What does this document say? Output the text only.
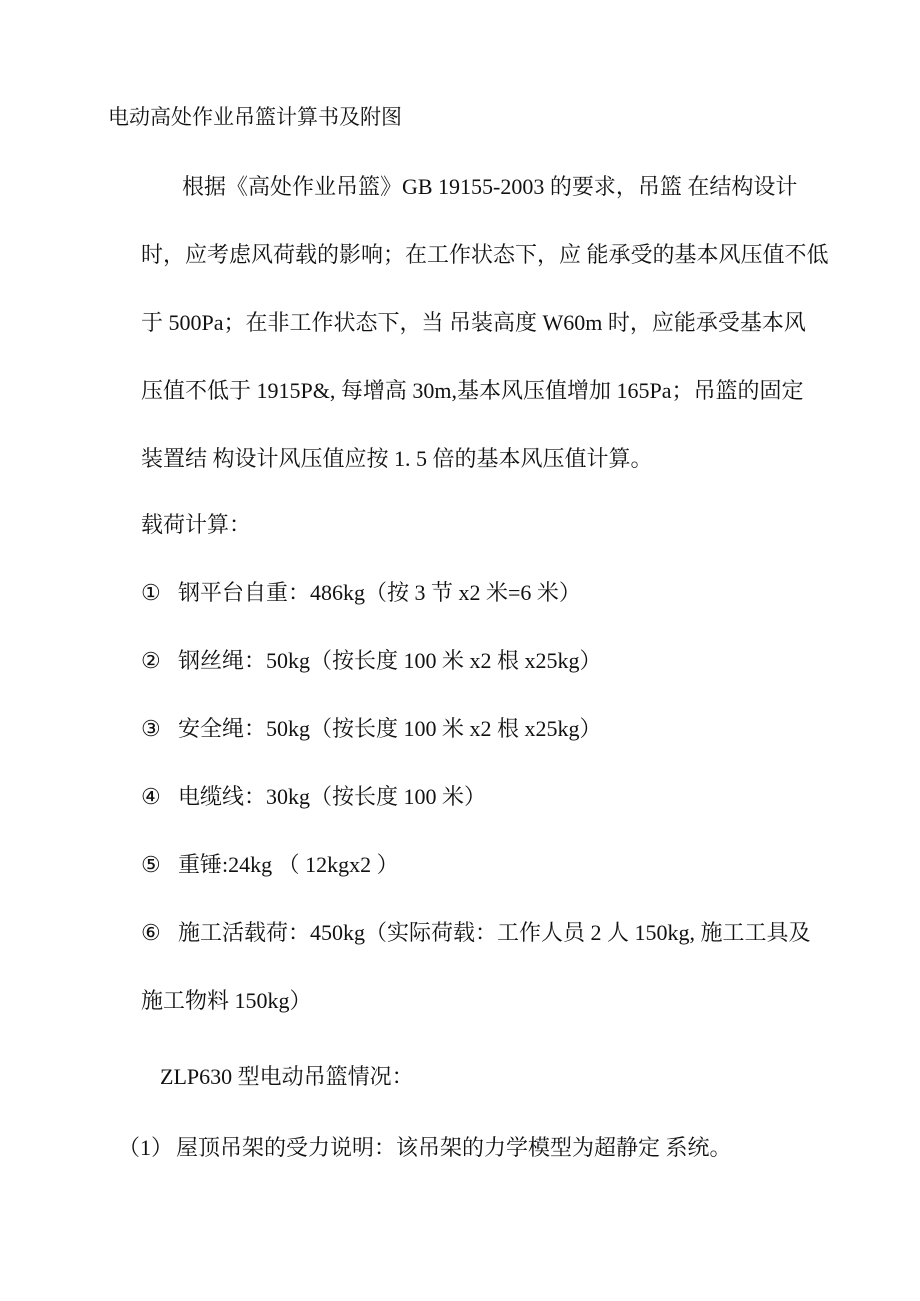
电动高处作业吊篮计算书及附图
根据《高处作业吊篮》GB 19155-2003 的要求，吊篮 在结构设计
时，应考虑风荷载的影响；在工作状态下，应 能承受的基本风压值不低
于 500Pa；在非工作状态下，当 吊装高度 W60m 时，应能承受基本风
压值不低于 1915P&, 每增高 30m,基本风压值增加 165Pa；吊篮的固定
装置结 构设计风压值应按 1. 5 倍的基本风压值计算。
载荷计算：
① 钢平台自重：486kg（按 3 节 x2 米=6 米）
② 钢丝绳：50kg（按长度 100 米 x2 根 x25kg）
③ 安全绳：50kg（按长度 100 米 x2 根 x25kg）
④ 电缆线：30kg（按长度 100 米）
⑤ 重锤:24kg （ 12kgx2 ）
⑥ 施工活载荷：450kg（实际荷载：工作人员 2 人 150kg, 施工工具及
施工物料 150kg）
ZLP630 型电动吊篮情况：
（1） 屋顶吊架的受力说明：该吊架的力学模型为超静定 系统。
